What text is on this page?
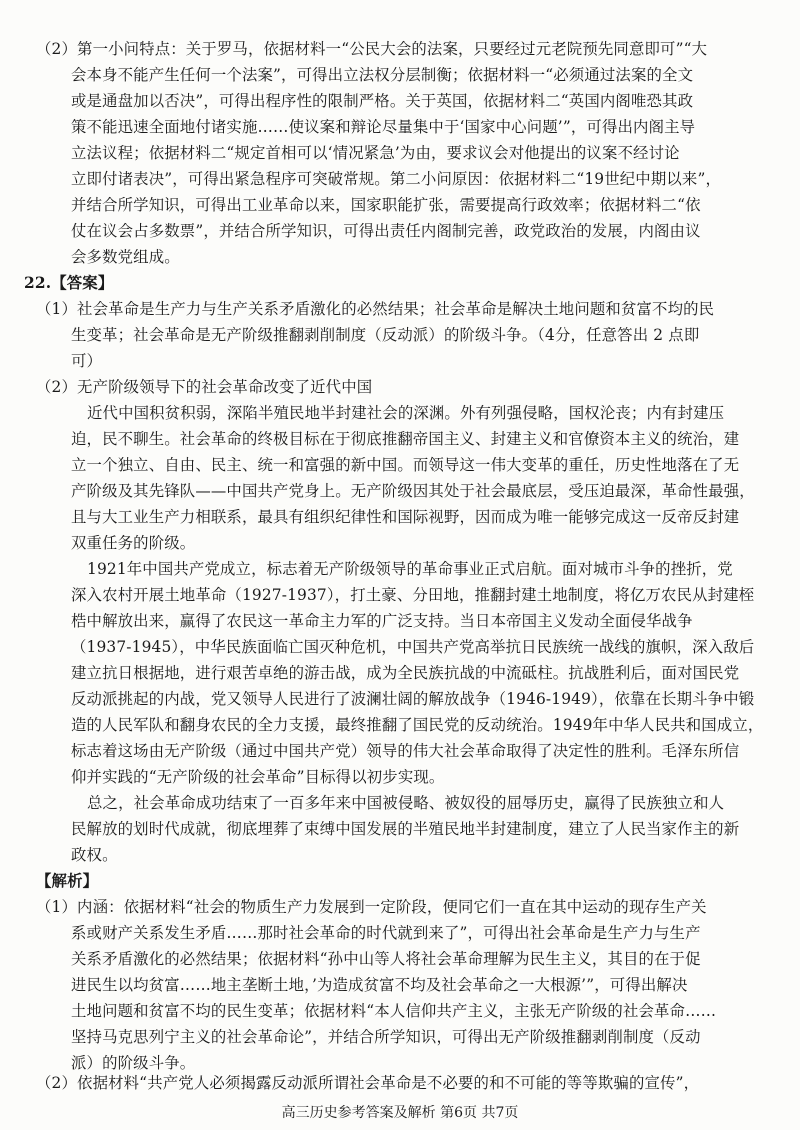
（2）第一小问特点：关于罗马，依据材料一“公民大会的法案，只要经过元老院预先同意即可”“大
会本身不能产生任何一个法案”，可得出立法权分层制衡；依据材料一“必须通过法案的全文
或是通盘加以否决”，可得出程序性的限制严格。关于英国，依据材料二“英国内阁唯恐其政
策不能迅速全面地付诸实施……使议案和辩论尽量集中于‘国家中心问题’”，可得出内阁主导
立法议程；依据材料二“规定首相可以‘情况紧急’为由，要求议会对他提出的议案不经讨论
立即付诸表决”，可得出紧急程序可突破常规。第二小问原因：依据材料二“19世纪中期以来”，
并结合所学知识，可得出工业革命以来，国家职能扩张，需要提高行政效率；依据材料二“依
仗在议会占多数票”，并结合所学知识，可得出责任内阁制完善，政党政治的发展，内阁由议
会多数党组成。
22.【答案】
（1）社会革命是生产力与生产关系矛盾激化的必然结果；社会革命是解决土地问题和贫富不均的民
生变革；社会革命是无产阶级推翻剥削制度（反动派）的阶级斗争。（4分，任意答出 2 点即
可）
（2）无产阶级领导下的社会革命改变了近代中国
近代中国积贫积弱，深陷半殖民地半封建社会的深渊。外有列强侵略，国权沦丧；内有封建压
迫，民不聊生。社会革命的终极目标在于彻底推翻帝国主义、封建主义和官僚资本主义的统治，建
立一个独立、自由、民主、统一和富强的新中国。而领导这一伟大变革的重任，历史性地落在了无
产阶级及其先锋队——中国共产党身上。无产阶级因其处于社会最底层，受压迫最深，革命性最强，
且与大工业生产力相联系，最具有组织纪律性和国际视野，因而成为唯一能够完成这一反帝反封建
双重任务的阶级。
1921年中国共产党成立，标志着无产阶级领导的革命事业正式启航。面对城市斗争的挫折，党
深入农村开展土地革命（1927-1937），打土豪、分田地，推翻封建土地制度，将亿万农民从封建桎
梏中解放出来，赢得了农民这一革命主力军的广泛支持。当日本帝国主义发动全面侵华战争
（1937-1945），中华民族面临亡国灭种危机，中国共产党高举抗日民族统一战线的旗帜，深入敌后
建立抗日根据地，进行艰苦卓绝的游击战，成为全民族抗战的中流砥柱。抗战胜利后，面对国民党
反动派挑起的内战，党又领导人民进行了波澜壮阔的解放战争（1946-1949），依靠在长期斗争中锻
造的人民军队和翻身农民的全力支援，最终推翻了国民党的反动统治。1949年中华人民共和国成立，
标志着这场由无产阶级（通过中国共产党）领导的伟大社会革命取得了决定性的胜利。毛泽东所信
仰并实践的“无产阶级的社会革命”目标得以初步实现。
总之，社会革命成功结束了一百多年来中国被侵略、被奴役的屈辱历史，赢得了民族独立和人
民解放的划时代成就，彻底埋葬了束缚中国发展的半殖民地半封建制度，建立了人民当家作主的新
政权。
【解析】
（1）内涵：依据材料“社会的物质生产力发展到一定阶段，便同它们一直在其中运动的现存生产关
系或财产关系发生矛盾……那时社会革命的时代就到来了”，可得出社会革命是生产力与生产
关系矛盾激化的必然结果；依据材料“孙中山等人将社会革命理解为民生主义，其目的在于促
进民生以均贫富……地主垄断土地，’为造成贫富不均及社会革命之一大根源’”，可得出解决
土地问题和贫富不均的民生变革；依据材料“本人信仰共产主义，主张无产阶级的社会革命……
坚持马克思列宁主义的社会革命论”，并结合所学知识，可得出无产阶级推翻剥削制度（反动
派）的阶级斗争。
（2）依据材料“共产党人必须揭露反动派所谓社会革命是不必要的和不可能的等等欺骗的宣传”，
高三历史参考答案及解析 第6页 共7页
